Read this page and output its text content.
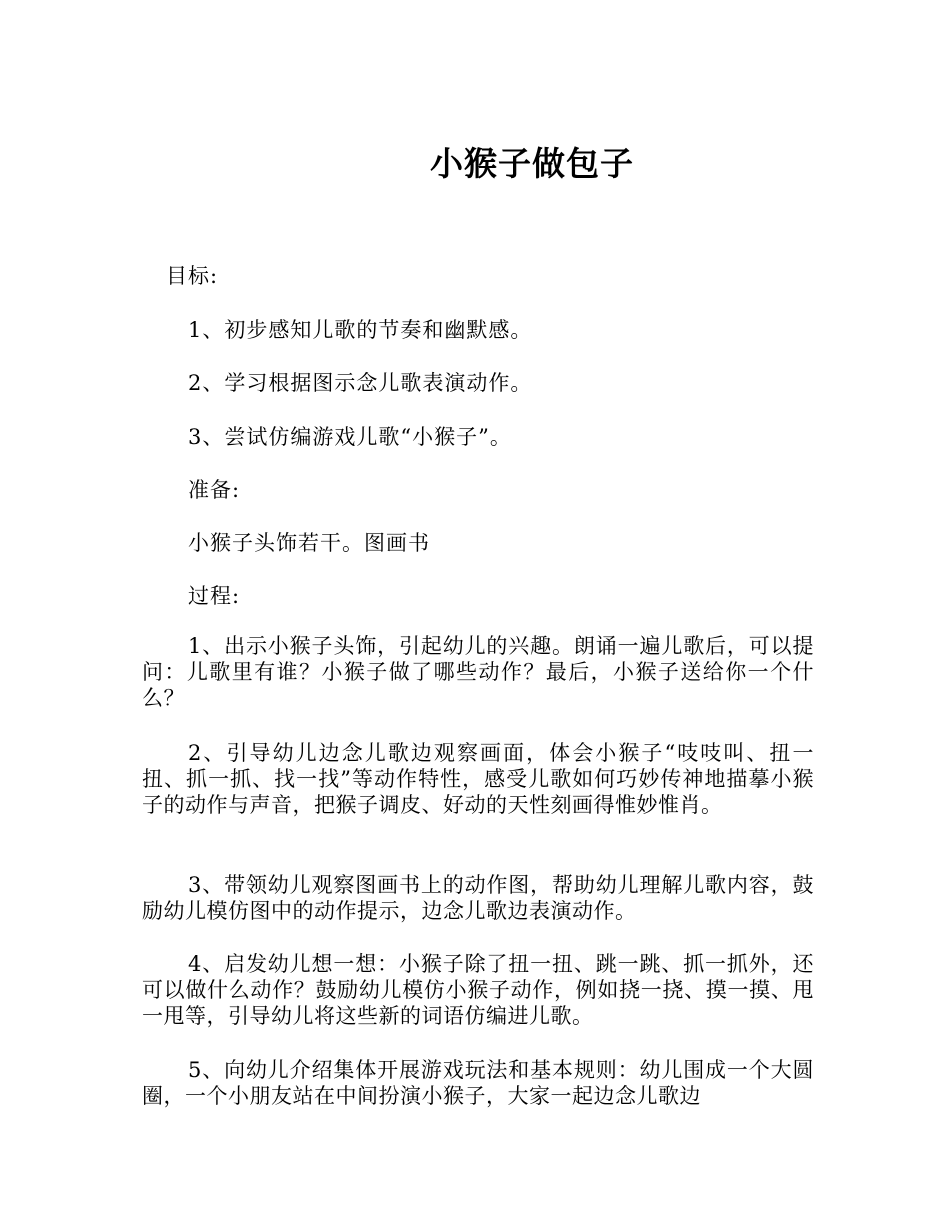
小猴子做包子
目标:
1、初步感知儿歌的节奏和幽默感。
2、学习根据图示念儿歌表演动作。
3、尝试仿编游戏儿歌“小猴子”。
准备:
小猴子头饰若干。图画书
过程:
1、出示小猴子头饰，引起幼儿的兴趣。朗诵一遍儿歌后，可以提问：儿歌里有谁？小猴子做了哪些动作？最后，小猴子送给你一个什么？
2、引导幼儿边念儿歌边观察画面，体会小猴子“吱吱叫、扭一扭、抓一抓、找一找”等动作特性，感受儿歌如何巧妙传神地描摹小猴子的动作与声音，把猴子调皮、好动的天性刻画得惟妙惟肖。
3、带领幼儿观察图画书上的动作图，帮助幼儿理解儿歌内容，鼓励幼儿模仿图中的动作提示，边念儿歌边表演动作。
4、启发幼儿想一想：小猴子除了扭一扭、跳一跳、抓一抓外，还可以做什么动作？鼓励幼儿模仿小猴子动作，例如挠一挠、摸一摸、甩一甩等，引导幼儿将这些新的词语仿编进儿歌。
5、向幼儿介绍集体开展游戏玩法和基本规则：幼儿围成一个大圆圈，一个小朋友站在中间扮演小猴子，大家一起边念儿歌边
